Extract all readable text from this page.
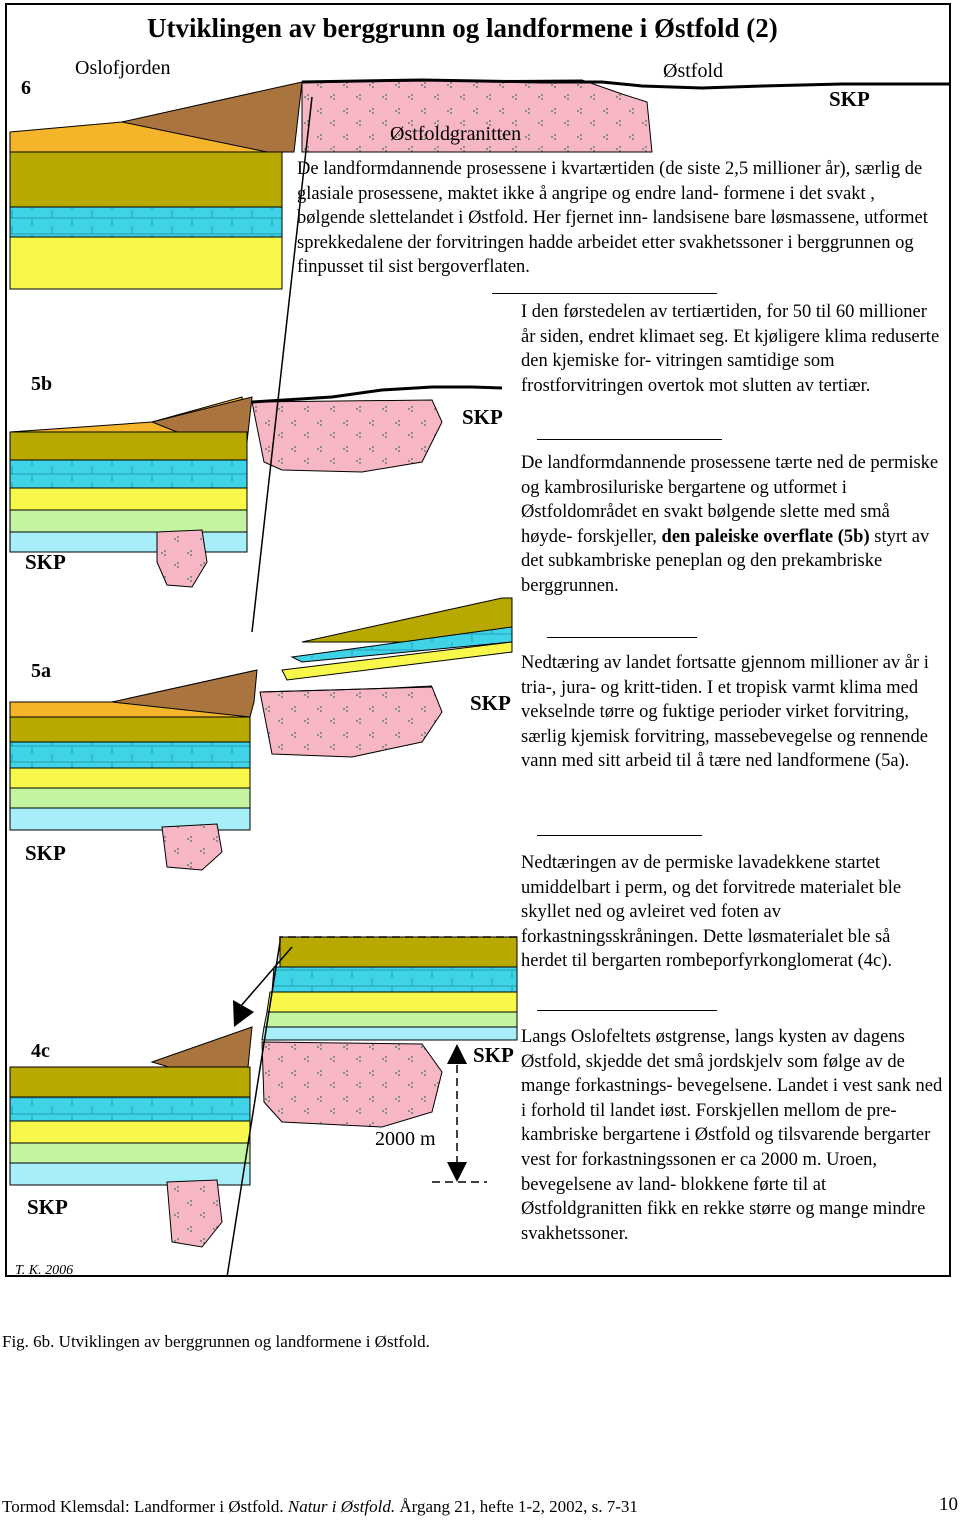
Utviklingen av berggrunn og landformene i Østfold (2)
Oslofjorden	Østfold
6	SKP
Østfoldgranitten
5b
SKP
SKP
5a
SKP
SKP
4c	SKP
2000 m
SKP
T. K. 2006
De landformdannende prosessene i kvartærtiden (de siste 2,5 millioner år), særlig de glasiale prosessene, maktet ikke å angripe og endre land- formene i det svakt , bølgende slettelandet i Østfold. Her fjernet inn- landsisene bare løsmassene, utformet sprekkedalene der forvitringen hadde arbeidet etter svakhetssoner i berggrunnen og finpusset til sist bergoverflaten.
I den førstedelen av tertiærtiden, for 50 til 60 millioner år siden, endret klimaet seg. Et kjøligere klima reduserte den kjemiske for- vitringen samtidige som frostforvitringen overtok mot slutten av tertiær.
De landformdannende prosessene tærte ned de permiske og kambrosiluriske bergartene og utformet i Østfoldområdet en svakt bølgende slette med små høyde- forskjeller, den paleiske overflate (5b) styrt av det subkambriske peneplan og den prekambriske berggrunnen.
Nedtæring av landet fortsatte gjennom millioner av år i tria-, jura- og kritt-tiden. I et tropisk varmt klima med vekselnde tørre og fuktige perioder virket forvitring, særlig kjemisk forvitring, massebevegelse og rennende vann med sitt arbeid til å tære ned landformene (5a).
Nedtæringen av de permiske lavadekkene startet umiddelbart i perm, og det forvitrede materialet ble skyllet ned og avleiret ved foten av forkastningsskråningen. Dette løsmaterialet ble så herdet til bergarten rombeporfyrkonglomerat (4c).
Langs Oslofeltets østgrense, langs kysten av dagens Østfold, skjedde det små jordskjelv som følge av de mange forkastnings- bevegelsene. Landet i vest sank ned i forhold til landet iøst. Forskjellen mellom de pre- kambriske bergartene i Østfold og tilsvarende bergarter vest for forkastningssonen er ca 2000 m. Uroen, bevegelsene av land- blokkene førte til at Østfoldgranitten fikk en rekke større og mange mindre svakhetssoner.
Fig. 6b. Utviklingen av berggrunnen og landformene i Østfold.
Tormod Klemsdal: Landformer i Østfold. Natur i Østfold. Årgang 21, hefte 1-2, 2002, s. 7-31	10
